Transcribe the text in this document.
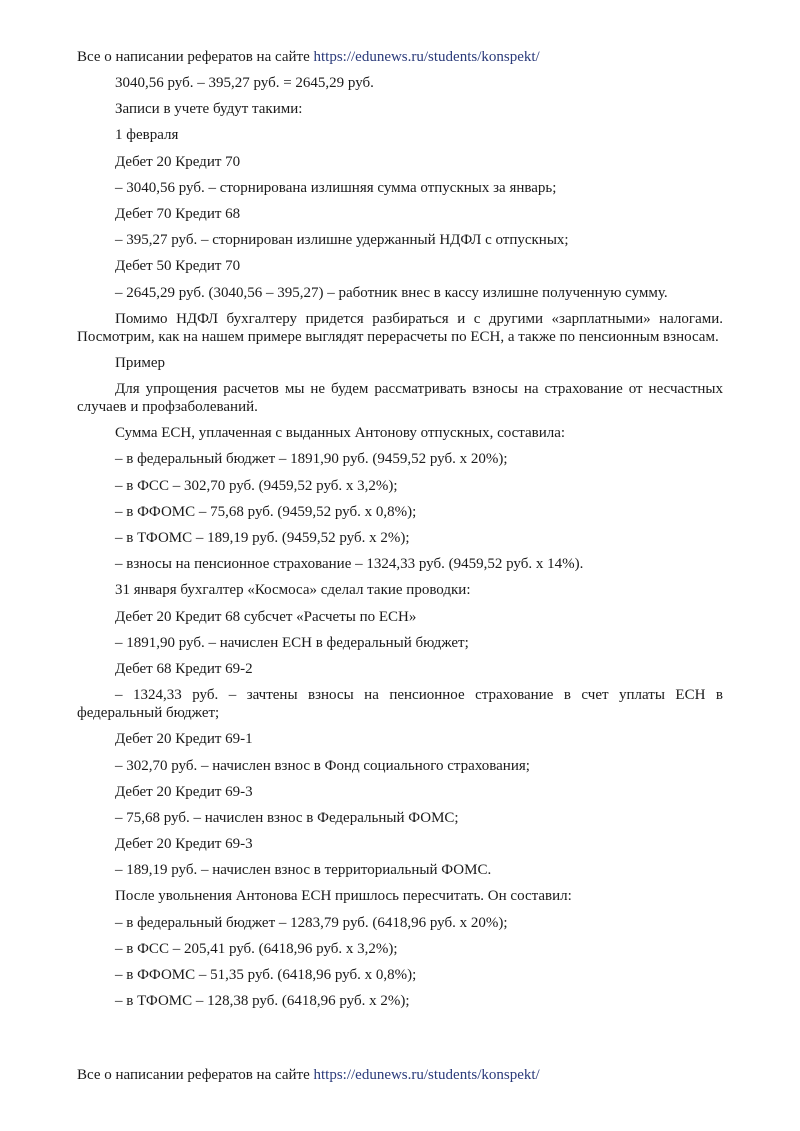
Все о написании рефератов на сайте https://edunews.ru/students/konspekt/

3040,56 руб. – 395,27 руб. = 2645,29 руб.

Записи в учете будут такими:

1 февраля

Дебет 20 Кредит 70

– 3040,56 руб. – сторнирована излишняя сумма отпускных за январь;

Дебет 70 Кредит 68

– 395,27 руб. – сторнирован излишне удержанный НДФЛ с отпускных;

Дебет 50 Кредит 70

– 2645,29 руб. (3040,56 – 395,27) – работник внес в кассу излишне полученную сумму.

Помимо НДФЛ бухгалтеру придется разбираться и с другими «зарплатными» налогами. Посмотрим, как на нашем примере выглядят перерасчеты по ЕСН, а также по пенсионным взносам.

Пример

Для упрощения расчетов мы не будем рассматривать взносы на страхование от несчастных случаев и профзаболеваний.

Сумма ЕСН, уплаченная с выданных Антонову отпускных, составила:

– в федеральный бюджет – 1891,90 руб. (9459,52 руб. х 20%);

– в ФСС – 302,70 руб. (9459,52 руб. х 3,2%);

– в ФФОМС – 75,68 руб. (9459,52 руб. х 0,8%);

– в ТФОМС – 189,19 руб. (9459,52 руб. х 2%);

– взносы на пенсионное страхование – 1324,33 руб. (9459,52 руб. х 14%).

31 января бухгалтер «Космоса» сделал такие проводки:

Дебет 20 Кредит 68 субсчет «Расчеты по ЕСН»

– 1891,90 руб. – начислен ЕСН в федеральный бюджет;

Дебет 68 Кредит 69-2

– 1324,33 руб. – зачтены взносы на пенсионное страхование в счет уплаты ЕСН в федеральный бюджет;

Дебет 20 Кредит 69-1

– 302,70 руб. – начислен взнос в Фонд социального страхования;

Дебет 20 Кредит 69-3

– 75,68 руб. – начислен взнос в Федеральный ФОМС;

Дебет 20 Кредит 69-3

– 189,19 руб. – начислен взнос в территориальный ФОМС.

После увольнения Антонова ЕСН пришлось пересчитать. Он составил:

– в федеральный бюджет – 1283,79 руб. (6418,96 руб. х 20%);

– в ФСС – 205,41 руб. (6418,96 руб. х 3,2%);

– в ФФОМС – 51,35 руб. (6418,96 руб. х 0,8%);

– в ТФОМС – 128,38 руб. (6418,96 руб. х 2%);

Все о написании рефератов на сайте https://edunews.ru/students/konspekt/
